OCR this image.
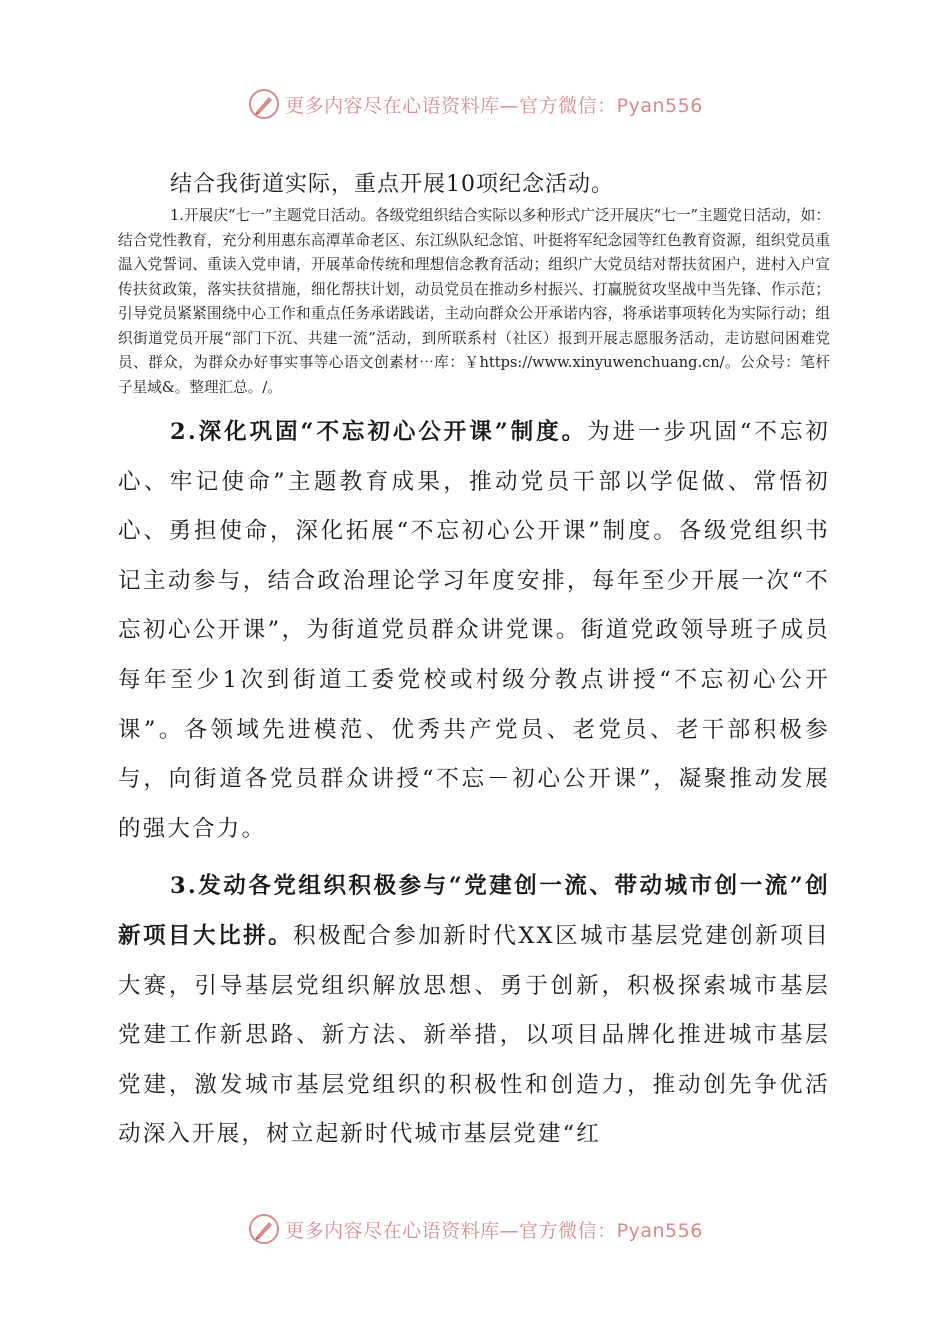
更多内容尽在心语资料库—官方微信：Pyan556

结合我街道实际，重点开展10项纪念活动。

1.开展庆“七一”主题党日活动。各级党组织结合实际以多种形式广泛开展庆“七一”主题党日活动，如：结合党性教育，充分利用惠东高潭革命老区、东江纵队纪念馆、叶挺将军纪念园等红色教育资源，组织党员重温入党誓词、重读入党申请，开展革命传统和理想信念教育活动；组织广大党员结对帮扶贫困户，进村入户宣传扶贫政策，落实扶贫措施，细化帮扶计划，动员党员在推动乡村振兴、打赢脱贫攻坚战中当先锋、作示范；引导党员紧紧围绕中心工作和重点任务承诺践诺，主动向群众公开承诺内容，将承诺事项转化为实际行动；组织街道党员开展“部门下沉、共建一流”活动，到所联系村（社区）报到开展志愿服务活动，走访慰问困难党员、群众，为群众办好事实事等心语文创素材⋯库：￥https://www.xinyuwenchuang.cn/。公众号：笔杆子星域&。整理汇总。/。

2.深化巩固“不忘初心公开课”制度。为进一步巩固“不忘初心、牢记使命”主题教育成果，推动党员干部以学促做、常悟初心、勇担使命，深化拓展“不忘初心公开课”制度。各级党组织书记主动参与，结合政治理论学习年度安排，每年至少开展一次“不忘初心公开课”，为街道党员群众讲党课。街道党政领导班子成员每年至少1次到街道工委党校或村级分教点讲授“不忘初心公开课”。各领域先进模范、优秀共产党员、老党员、老干部积极参与，向街道各党员群众讲授“不忘－初心公开课”，凝聚推动发展的强大合力。

3.发动各党组织积极参与“党建创一流、带动城市创一流”创新项目大比拼。积极配合参加新时代XX区城市基层党建创新项目大赛，引导基层党组织解放思想、勇于创新，积极探索城市基层党建工作新思路、新方法、新举措，以项目品牌化推进城市基层党建，激发城市基层党组织的积极性和创造力，推动创先争优活动深入开展，树立起新时代城市基层党建“红

更多内容尽在心语资料库—官方微信：Pyan556
